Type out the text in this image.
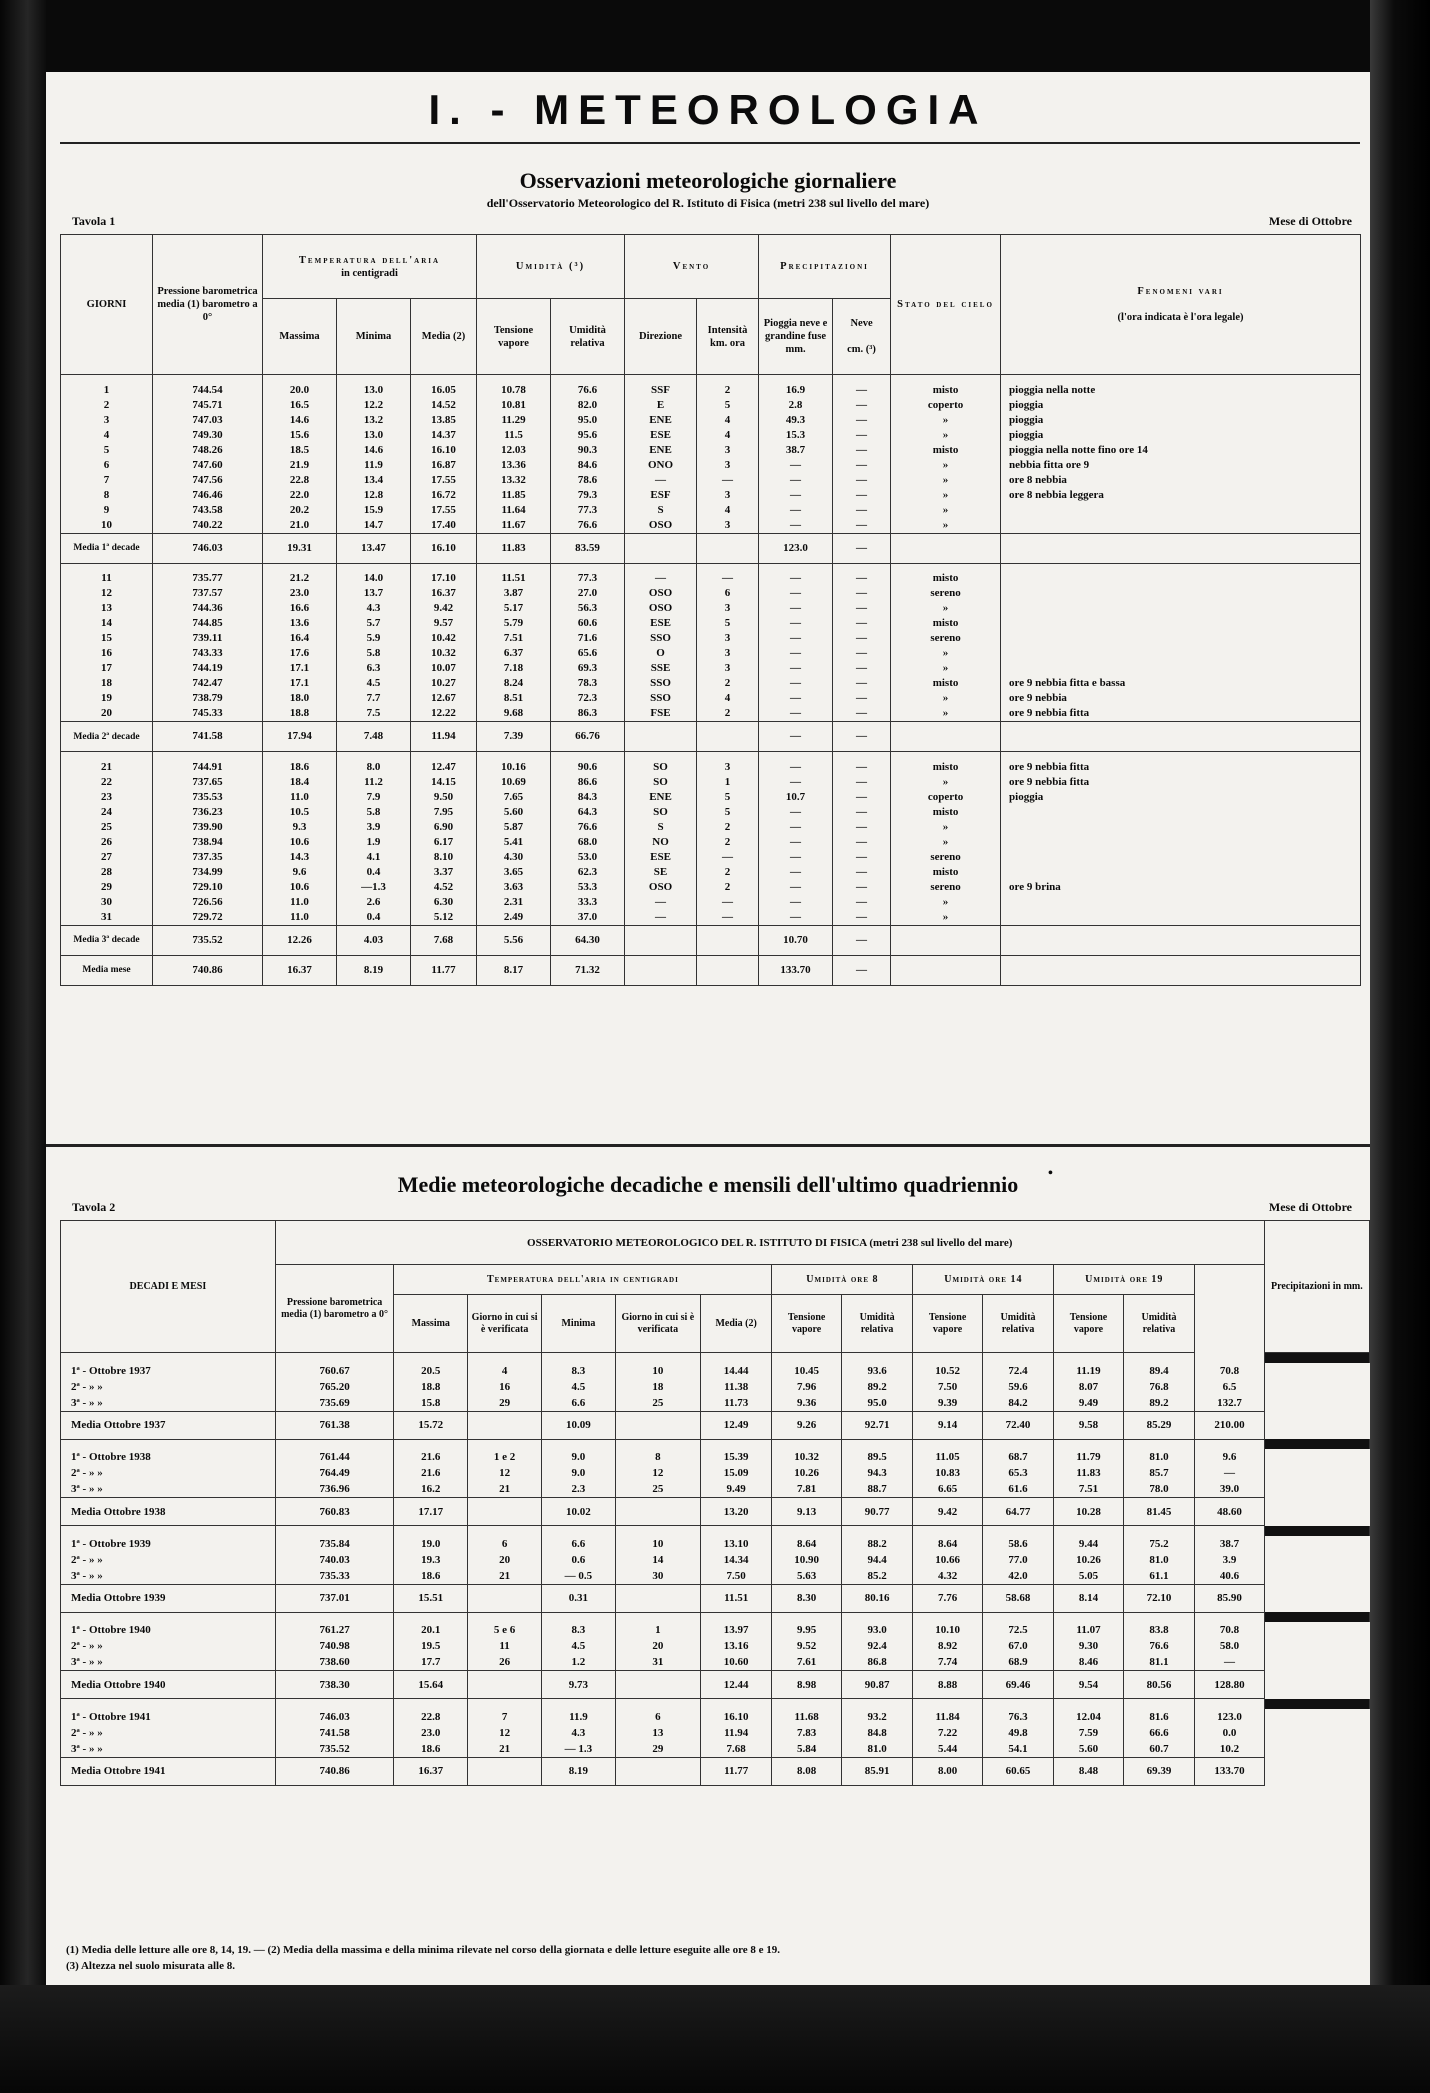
I. - METEOROLOGIA
Osservazioni meteorologiche giornaliere
dell'Osservatorio Meteorologico del R. Istituto di Fisica (metri 238 sul livello del mare)
Tavola 1	Mese di Ottobre
GIORNI	Pressione barometrica media (1) barometro a 0°	Temperatura dell'aria
in centigradi			Umidità (³)		Vento		Precipitazioni		Stato del cielo	Fenomeni vari

(l'ora indicata è l'ora legale)
		Massima	Minima	Media (2)	Tensione vapore	Umidità relativa	Direzione	Intensità km. ora	Pioggia neve e grandine fuse mm.	Neve

cm. (³)		

1	744.54	20.0	13.0	16.05	10.78	76.6	SSF	2	16.9	—	misto	pioggia nella notte
2	745.71	16.5	12.2	14.52	10.81	82.0	E	5	2.8	—	coperto	pioggia
3	747.03	14.6	13.2	13.85	11.29	95.0	ENE	4	49.3	—	»	pioggia
4	749.30	15.6	13.0	14.37	11.5	95.6	ESE	4	15.3	—	»	pioggia
5	748.26	18.5	14.6	16.10	12.03	90.3	ENE	3	38.7	—	misto	pioggia nella notte fino ore 14
6	747.60	21.9	11.9	16.87	13.36	84.6	ONO	3	—	—	»	nebbia fitta ore 9
7	747.56	22.8	13.4	17.55	13.32	78.6	—	—	—	—	»	ore 8 nebbia
8	746.46	22.0	12.8	16.72	11.85	79.3	ESF	3	—	—	»	ore 8 nebbia leggera
9	743.58	20.2	15.9	17.55	11.64	77.3	S	4	—	—	»	
10	740.22	21.0	14.7	17.40	11.67	76.6	OSO	3	—	—	»	
Media 1ª decade	746.03	19.31	13.47	16.10	11.83	83.59			123.0	—		

11	735.77	21.2	14.0	17.10	11.51	77.3	—	—	—	—	misto	
12	737.57	23.0	13.7	16.37	3.87	27.0	OSO	6	—	—	sereno	
13	744.36	16.6	4.3	9.42	5.17	56.3	OSO	3	—	—	»	
14	744.85	13.6	5.7	9.57	5.79	60.6	ESE	5	—	—	misto	
15	739.11	16.4	5.9	10.42	7.51	71.6	SSO	3	—	—	sereno	
16	743.33	17.6	5.8	10.32	6.37	65.6	O	3	—	—	»	
17	744.19	17.1	6.3	10.07	7.18	69.3	SSE	3	—	—	»	
18	742.47	17.1	4.5	10.27	8.24	78.3	SSO	2	—	—	misto	ore 9 nebbia fitta e bassa
19	738.79	18.0	7.7	12.67	8.51	72.3	SSO	4	—	—	»	ore 9 nebbia
20	745.33	18.8	7.5	12.22	9.68	86.3	FSE	2	—	—	»	ore 9 nebbia fitta
Media 2ª decade	741.58	17.94	7.48	11.94	7.39	66.76			—	—		

21	744.91	18.6	8.0	12.47	10.16	90.6	SO	3	—	—	misto	ore 9 nebbia fitta
22	737.65	18.4	11.2	14.15	10.69	86.6	SO	1	—	—	»	ore 9 nebbia fitta
23	735.53	11.0	7.9	9.50	7.65	84.3	ENE	5	10.7	—	coperto	pioggia
24	736.23	10.5	5.8	7.95	5.60	64.3	SO	5	—	—	misto	
25	739.90	9.3	3.9	6.90	5.87	76.6	S	2	—	—	»	
26	738.94	10.6	1.9	6.17	5.41	68.0	NO	2	—	—	»	
27	737.35	14.3	4.1	8.10	4.30	53.0	ESE	—	—	—	sereno	
28	734.99	9.6	0.4	3.37	3.65	62.3	SE	2	—	—	misto	
29	729.10	10.6	—1.3	4.52	3.63	53.3	OSO	2	—	—	sereno	ore 9 brina
30	726.56	11.0	2.6	6.30	2.31	33.3	—	—	—	—	»	
31	729.72	11.0	0.4	5.12	2.49	37.0	—	—	—	—	»	
Media 3ª decade	735.52	12.26	4.03	7.68	5.56	64.30			10.70	—		
Media mese	740.86	16.37	8.19	11.77	8.17	71.32			133.70	—		
Medie meteorologiche decadiche e mensili dell'ultimo quadriennio	•
Tavola 2	Mese di Ottobre
DECADI E MESI	OSSERVATORIO METEOROLOGICO DEL R. ISTITUTO DI FISICA (metri 238 sul livello del mare)													Precipitazioni in mm.
	Pressione barometrica media (1) barometro a 0°	Temperatura dell'aria in centigradi					Umidità ore 8		Umidità ore 14		Umidità ore 19			
		Massima	Giorno in cui si è verificata	Minima	Giorno in cui si è verificata	Media (2)	Tensione vapore	Umidità relativa	Tensione vapore	Umidità relativa	Tensione vapore	Umidità relativa		

1ª - Ottobre 1937	760.67	20.5	4	8.3	10	14.44	10.45	93.6	10.52	72.4	11.19	89.4	70.8	
2ª - » »	765.20	18.8	16	4.5	18	11.38	7.96	89.2	7.50	59.6	8.07	76.8	6.5	
3ª - » »	735.69	15.8	29	6.6	25	11.73	9.36	95.0	9.39	84.2	9.49	89.2	132.7	
Media Ottobre 1937	761.38	15.72		10.09		12.49	9.26	92.71	9.14	72.40	9.58	85.29	210.00	

1ª - Ottobre 1938	761.44	21.6	1 e 2	9.0	8	15.39	10.32	89.5	11.05	68.7	11.79	81.0	9.6	
2ª - » »	764.49	21.6	12	9.0	12	15.09	10.26	94.3	10.83	65.3	11.83	85.7	—	
3ª - » »	736.96	16.2	21	2.3	25	9.49	7.81	88.7	6.65	61.6	7.51	78.0	39.0	
Media Ottobre 1938	760.83	17.17		10.02		13.20	9.13	90.77	9.42	64.77	10.28	81.45	48.60	

1ª - Ottobre 1939	735.84	19.0	6	6.6	10	13.10	8.64	88.2	8.64	58.6	9.44	75.2	38.7	
2ª - » »	740.03	19.3	20	0.6	14	14.34	10.90	94.4	10.66	77.0	10.26	81.0	3.9	
3ª - » »	735.33	18.6	21	— 0.5	30	7.50	5.63	85.2	4.32	42.0	5.05	61.1	40.6	
Media Ottobre 1939	737.01	15.51		0.31		11.51	8.30	80.16	7.76	58.68	8.14	72.10	85.90	

1ª - Ottobre 1940	761.27	20.1	5 e 6	8.3	1	13.97	9.95	93.0	10.10	72.5	11.07	83.8	70.8	
2ª - » »	740.98	19.5	11	4.5	20	13.16	9.52	92.4	8.92	67.0	9.30	76.6	58.0	
3ª - » »	738.60	17.7	26	1.2	31	10.60	7.61	86.8	7.74	68.9	8.46	81.1	—	
Media Ottobre 1940	738.30	15.64		9.73		12.44	8.98	90.87	8.88	69.46	9.54	80.56	128.80	

1ª - Ottobre 1941	746.03	22.8	7	11.9	6	16.10	11.68	93.2	11.84	76.3	12.04	81.6	123.0	
2ª - » »	741.58	23.0	12	4.3	13	11.94	7.83	84.8	7.22	49.8	7.59	66.6	0.0	
3ª - » »	735.52	18.6	21	— 1.3	29	7.68	5.84	81.0	5.44	54.1	5.60	60.7	10.2	
Media Ottobre 1941	740.86	16.37		8.19		11.77	8.08	85.91	8.00	60.65	8.48	69.39	133.70	
(1) Media delle letture alle ore 8, 14, 19. — (2) Media della massima e della minima rilevate nel corso della giornata e delle letture eseguite alle ore 8 e 19.
(3) Altezza nel suolo misurata alle 8.
